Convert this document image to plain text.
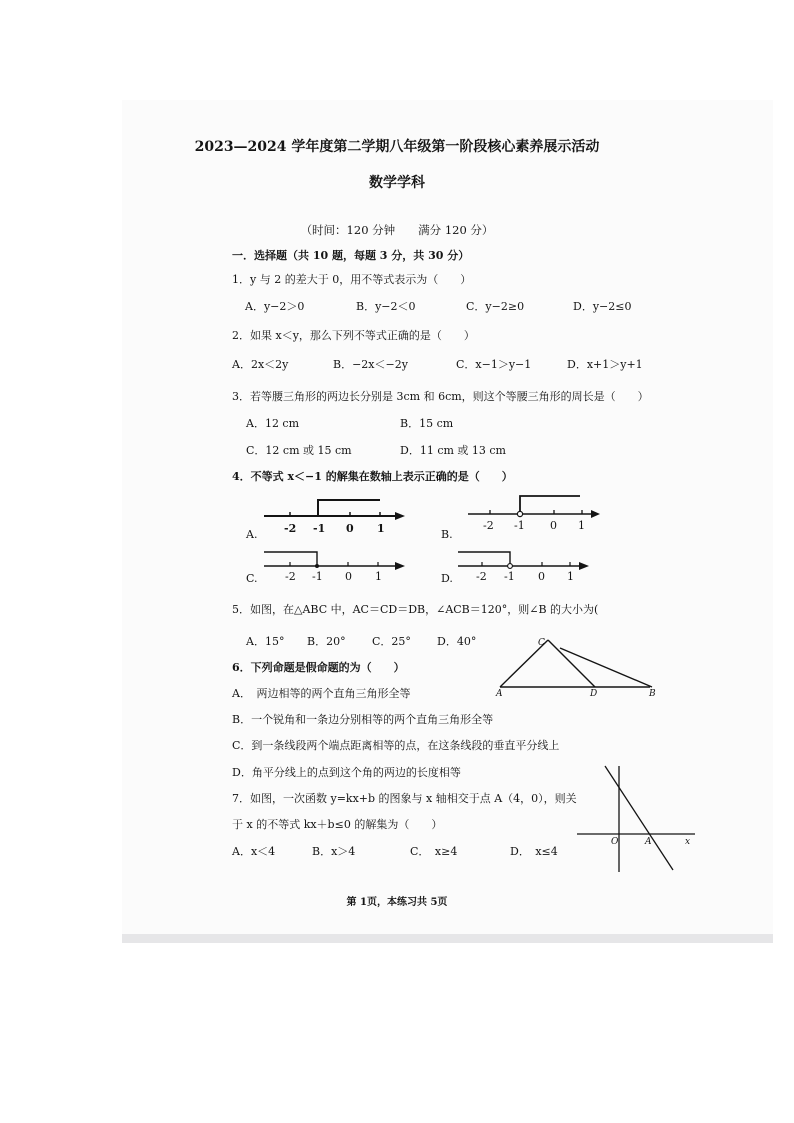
2023—2024 学年度第二学期八年级第一阶段核心素养展示活动
数学学科
（时间：120 分钟　　满分 120 分）
一．选择题（共 10 题，每题 3 分，共 30 分）
1．y 与 2 的差大于 0，用不等式表示为（　　）
A．y−2＞0	B．y−2＜0	C．y−2≥0	D．y−2≤0
2．如果 x＜y，那么下列不等式正确的是（　　）
A．2x＜2y	B．−2x＜−2y	C．x−1＞y−1	D．x+1＞y+1
3．若等腰三角形的两边长分别是 3cm 和 6cm，则这个等腰三角形的周长是（　　）
A．12 cm	B．15 cm
C．12 cm 或 15 cm	D．11 cm 或 13 cm
4．不等式 x＜−1 的解集在数轴上表示正确的是（　　）
A. -2 -1 0 1	B.
-2 -1 0 1
C. -2 -1 0 1	D. -2 -1 0 1
5．如图，在△ABC 中，AC＝CD＝DB，∠ACB＝120°，则∠B 的大小为(
A．15° B．20° C．25° D．40°	C
A	D	B
6．下列命题是假命题的为（　　）
A．　两边相等的两个直角三角形全等
B．一个锐角和一条边分别相等的两个直角三角形全等
C．到一条线段两个端点距离相等的点，在这条线段的垂直平分线上
D．角平分线上的点到这个角的两边的长度相等
7．如图，一次函数 y=kx+b 的图象与 x 轴相交于点 A（4，0），则关
于 x 的不等式 kx＋b≤0 的解集为（　　）
A．x＜4	B．x＞4	C．　x≥4	D．　x≤4
O	A	x
第 1页，本练习共 5页
